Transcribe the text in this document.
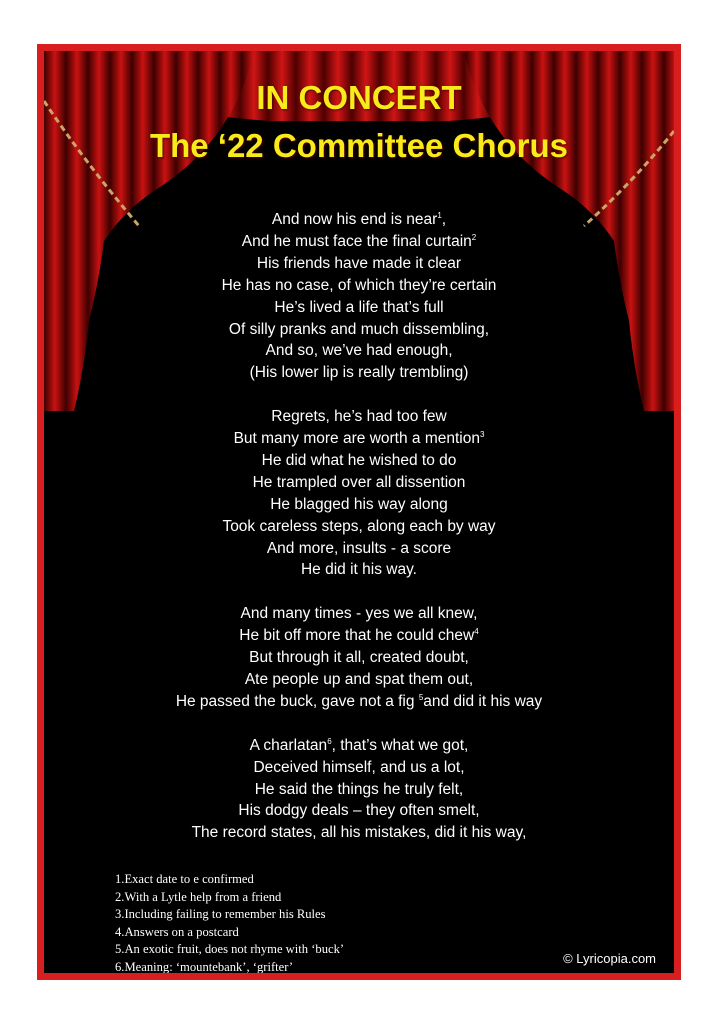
IN CONCERT
The ‘22 Committee Chorus
And now his end is near$^1$,
And he must face the final curtain$^2$
His friends have made it clear
He has no case, of which they’re certain
He’s lived a life that’s full
Of silly pranks and much dissembling,
And so, we’ve had enough,
(His lower lip is really trembling)
Regrets, he’s had too few
But many more are worth a mention$^3$
He did what he wished to do
He trampled over all dissention
He blagged his way along
Took careless steps, along each by way
And more, insults - a score
He did it his way.
And many times - yes we all knew,
He bit off more that he could chew$^4$
But through it all, created doubt,
Ate people up and spat them out,
He passed the buck, gave not a fig $^5$and did it his way
A charlatan$^6$, that’s what we got,
Deceived himself, and us a lot,
He said the things he truly felt,
His dodgy deals – they often smelt,
The record states, all his mistakes, did it his way,
1.Exact date to e confirmed
2.With a Lytle help from a friend
3.Including failing to remember his Rules
4.Answers on a postcard
5.An exotic fruit, does not rhyme with ‘buck’
6.Meaning: ‘mountebank’, ‘grifter’
© Lyricopia.com
